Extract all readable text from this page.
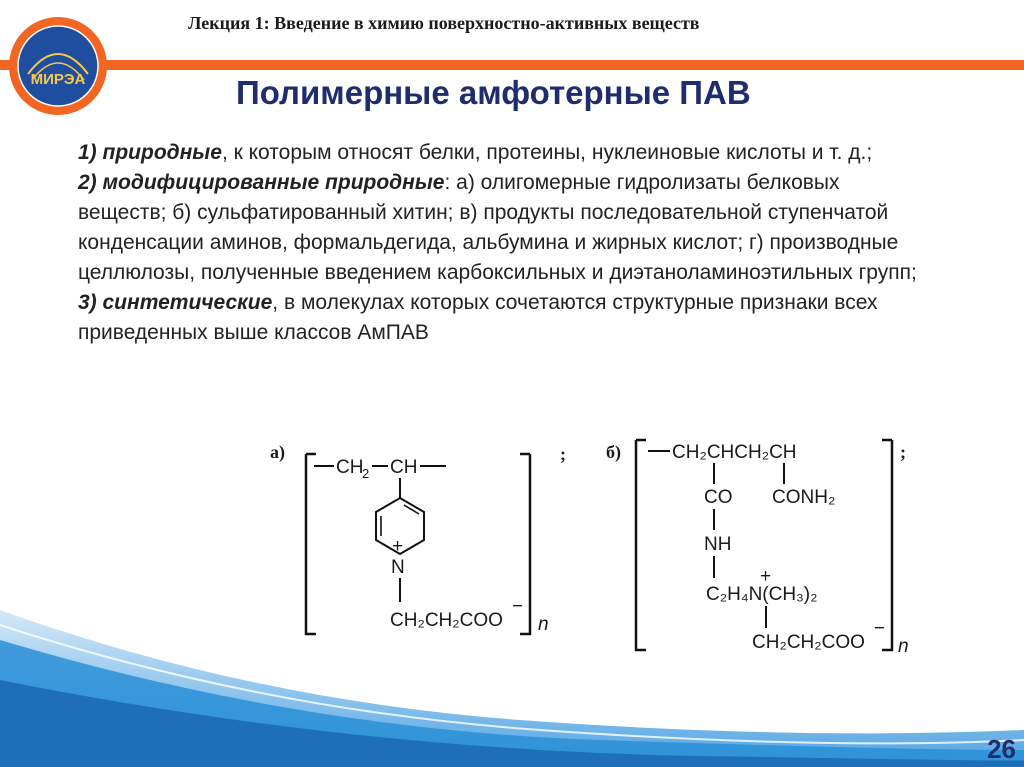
Лекция 1: Введение в химию поверхностно-активных веществ
МИРЭА	Полимерные амфотерные ПАВ
1) природные, к которым относят белки, протеины, нуклеиновые кислоты и т. д.;
2) модифицированные природные: а) олигомерные гидролизаты белковых веществ; б) сульфатированный хитин; в) продукты последовательной ступенчатой конденсации аминов, формальдегида, альбумина и жирных кислот; г) производные целлюлозы, полученные введением карбоксильных и диэтаноламиноэтильных групп;
3) синтетические, в молекулах которых сочетаются структурные признаки всех приведенных выше классов АмПАВ
а)
CH
2 CH
+
N
CH₂CH₂COO
−
n
; б)	CH₂CHCH₂CH
CO CONH₂
NH
+
C₂H₄N(CH₃)₂
CH₂CH₂COO
−
n
;
26
